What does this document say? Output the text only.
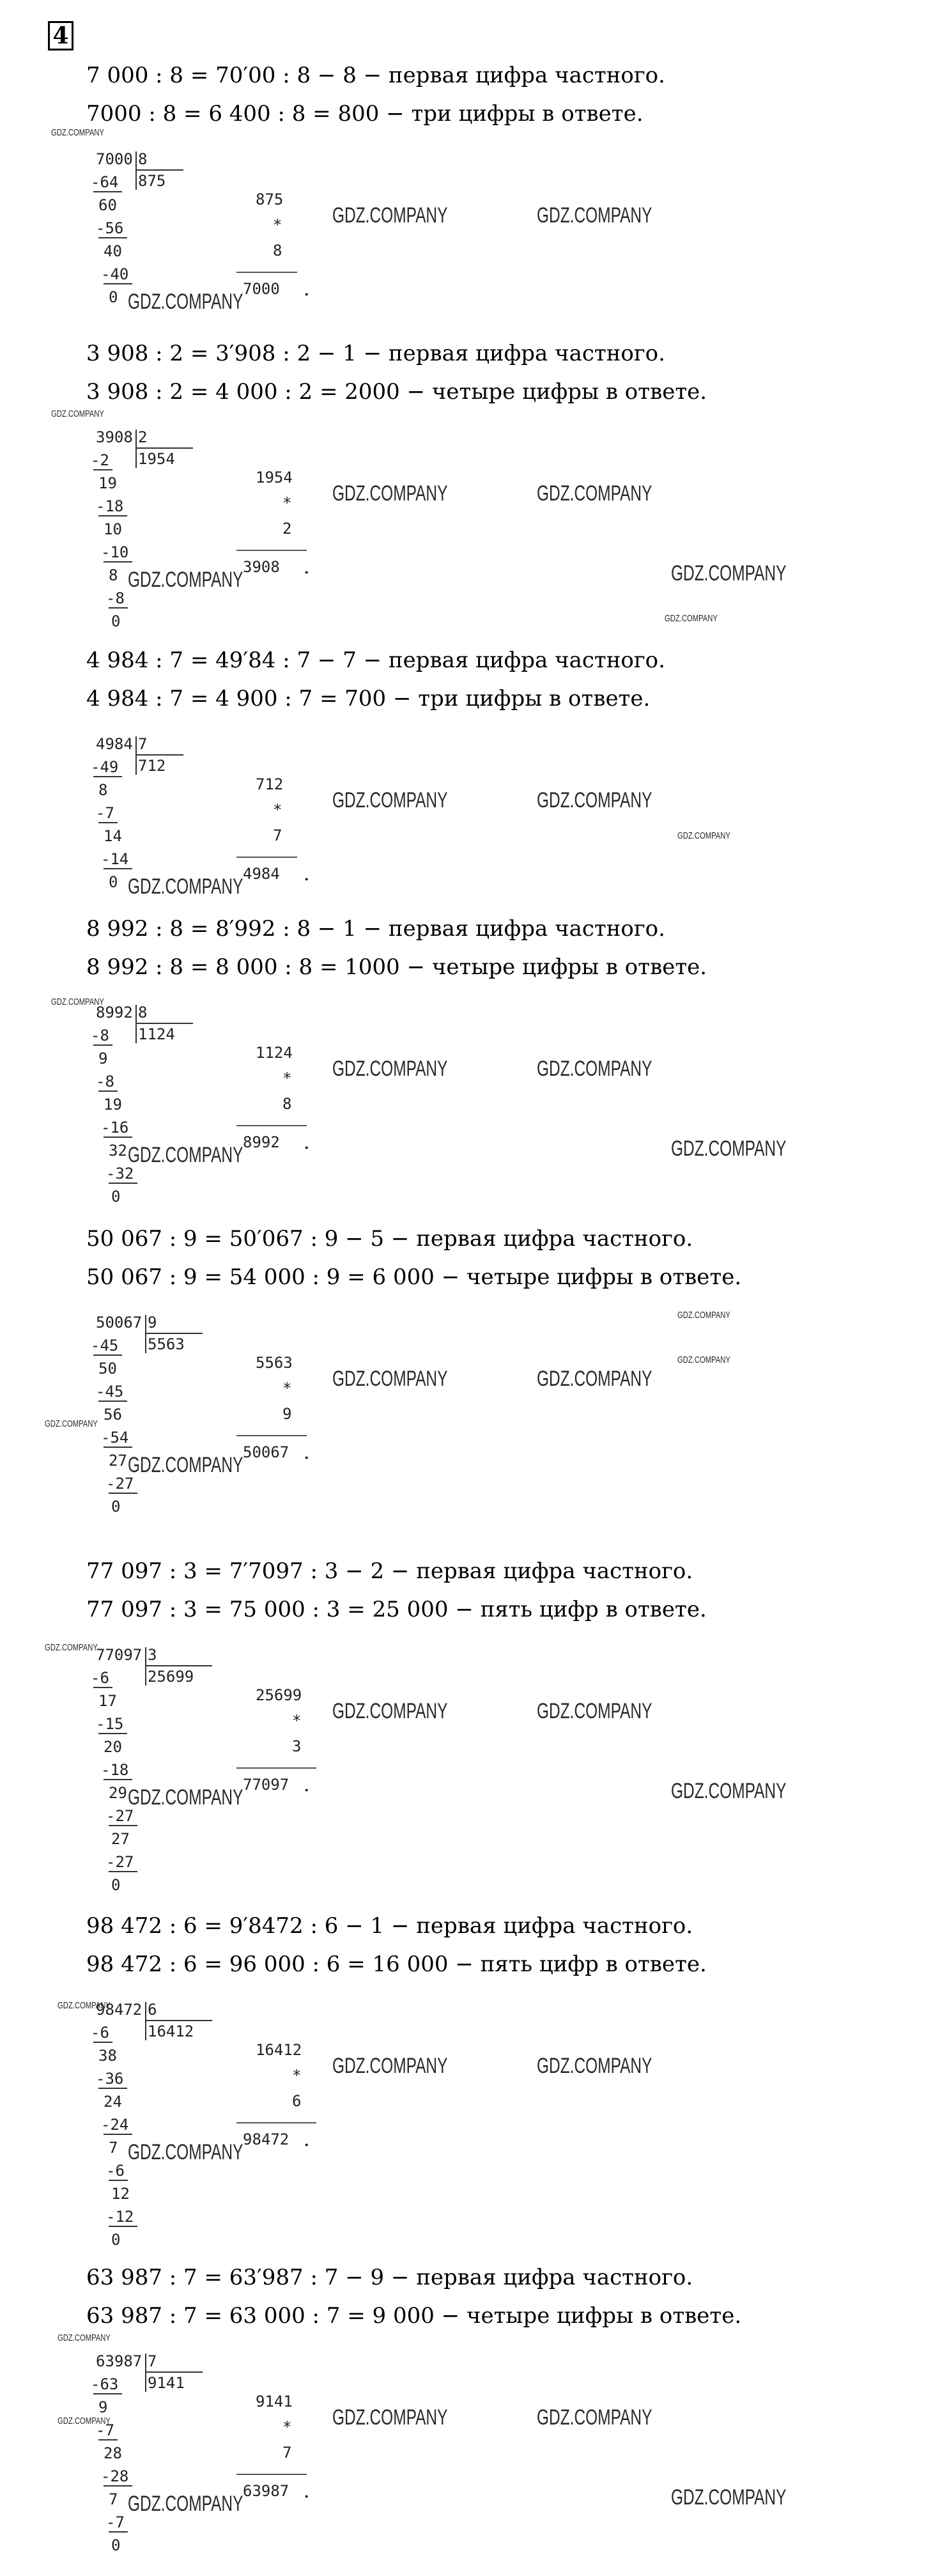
4
7 000 : 8 = 70′00 : 8 − 8 − первая цифра частного.
7000 : 8 = 6 400 : 8 = 800 − три цифры в ответе.
7000 8
875
-64
60
-56
40
-40
0
875
*
8
7000 .
GDZ.COMPANY	GDZ.COMPANY
GDZ.COMPANY
3 908 : 2 = 3′908 : 2 − 1 − первая цифра частного.
3 908 : 2 = 4 000 : 2 = 2000 − четыре цифры в ответе.
3908 2
1954
-2
19
-18
10
-10
8
-8
0
1954
*
2
3908 .
GDZ.COMPANY	GDZ.COMPANY
GDZ.COMPANY	GDZ.COMPANY
4 984 : 7 = 49′84 : 7 − 7 − первая цифра частного.
4 984 : 7 = 4 900 : 7 = 700 − три цифры в ответе.
4984 7
712
-49
8
-7
14
-14
0
712
*
7
4984 .
GDZ.COMPANY	GDZ.COMPANY
GDZ.COMPANY
8 992 : 8 = 8′992 : 8 − 1 − первая цифра частного.
8 992 : 8 = 8 000 : 8 = 1000 − четыре цифры в ответе.
8992 8
1124
-8
9
-8
19
-16
32
-32
0
1124
*
8
8992 .
GDZ.COMPANY	GDZ.COMPANY
GDZ.COMPANY	GDZ.COMPANY
50 067 : 9 = 50′067 : 9 − 5 − первая цифра частного.
50 067 : 9 = 54 000 : 9 = 6 000 − четыре цифры в ответе.
50067 9
5563
-45
50
-45
56
-54
27
-27
0
5563
*
9
50067 .
GDZ.COMPANY	GDZ.COMPANY
GDZ.COMPANY
77 097 : 3 = 7′7097 : 3 − 2 − первая цифра частного.
77 097 : 3 = 75 000 : 3 = 25 000 − пять цифр в ответе.
77097 3
25699
-6
17
-15
20
-18
29
-27
27
-27
0
25699
*
3
77097 .
GDZ.COMPANY	GDZ.COMPANY
GDZ.COMPANY	GDZ.COMPANY
98 472 : 6 = 9′8472 : 6 − 1 − первая цифра частного.
98 472 : 6 = 96 000 : 6 = 16 000 − пять цифр в ответе.
98472 6
16412
-6
38
-36
24
-24
7
-6
12
-12
0
16412
*
6
98472 .
GDZ.COMPANY	GDZ.COMPANY
GDZ.COMPANY
63 987 : 7 = 63′987 : 7 − 9 − первая цифра частного.
63 987 : 7 = 63 000 : 7 = 9 000 − четыре цифры в ответе.
63987 7
9141
-63
9
-7
28
-28
7
-7
0
9141
*
7
63987 .
GDZ.COMPANY	GDZ.COMPANY
GDZ.COMPANY	GDZ.COMPANY
GDZ.COMPANY
GDZ.COMPANY
GDZ.COMPANY
GDZ.COMPANY
GDZ.COMPANY
GDZ.COMPANY
GDZ.COMPANY
GDZ.COMPANY
GDZ.COMPANY
GDZ.COMPANY
GDZ.COMPANY
GDZ.COMPANY
